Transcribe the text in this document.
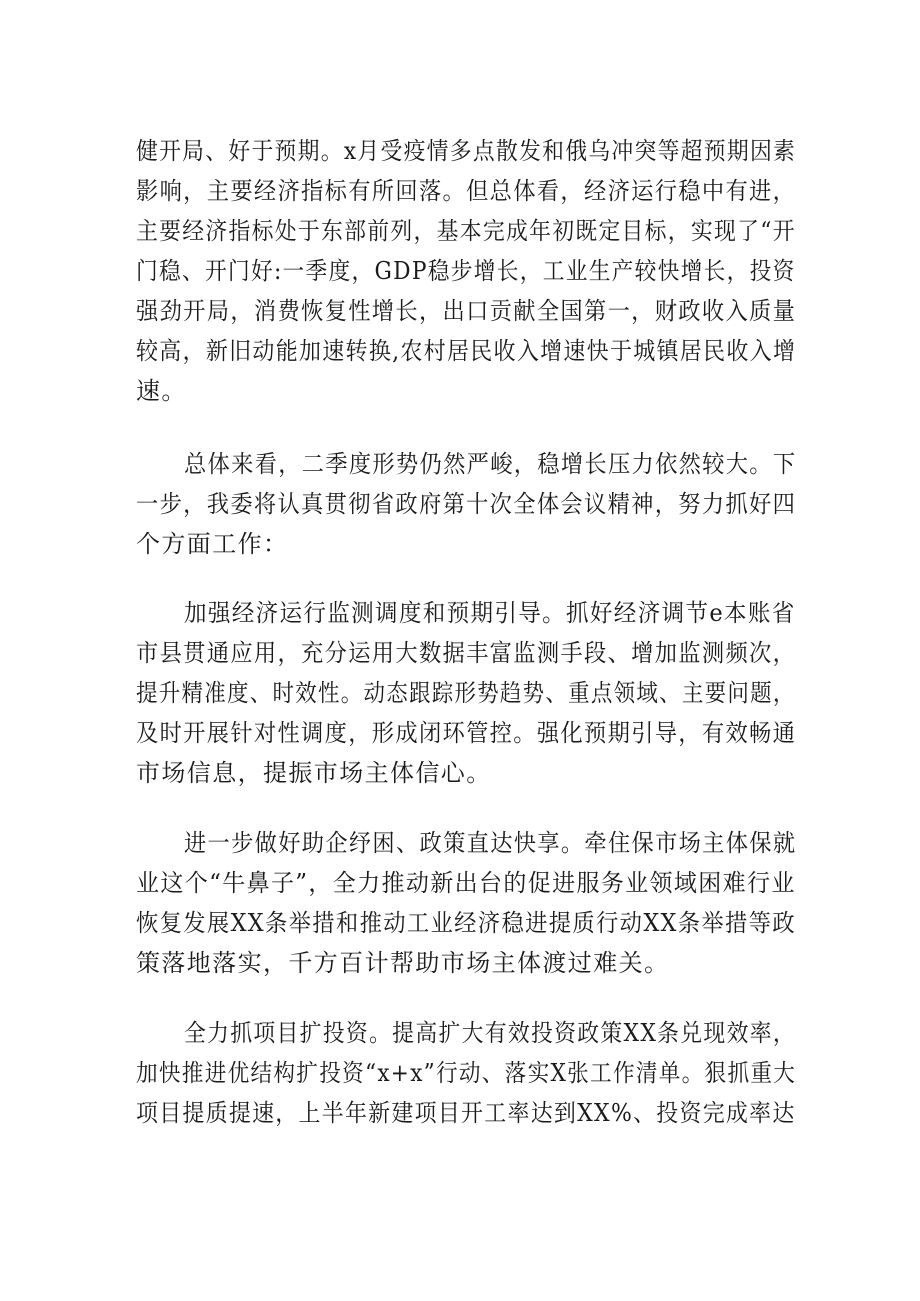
健开局、好于预期。x月受疫情多点散发和俄乌冲突等超预期因素
影响，主要经济指标有所回落。但总体看，经济运行稳中有进，
主要经济指标处于东部前列，基本完成年初既定目标，实现了“开
门稳、开门好:一季度，GDP稳步增长，工业生产较快增长，投资
强劲开局，消费恢复性增长，出口贡献全国第一，财政收入质量
较高，新旧动能加速转换,农村居民收入增速快于城镇居民收入增
速。
总体来看，二季度形势仍然严峻，稳增长压力依然较大。下
一步，我委将认真贯彻省政府第十次全体会议精神，努力抓好四
个方面工作：
加强经济运行监测调度和预期引导。抓好经济调节e本账省
市县贯通应用，充分运用大数据丰富监测手段、增加监测频次，
提升精准度、时效性。动态跟踪形势趋势、重点领域、主要问题，
及时开展针对性调度，形成闭环管控。强化预期引导，有效畅通
市场信息，提振市场主体信心。
进一步做好助企纾困、政策直达快享。牵住保市场主体保就
业这个“牛鼻子”，全力推动新出台的促进服务业领域困难行业
恢复发展XX条举措和推动工业经济稳进提质行动XX条举措等政
策落地落实，千方百计帮助市场主体渡过难关。
全力抓项目扩投资。提高扩大有效投资政策XX条兑现效率，
加快推进优结构扩投资“x+x”行动、落实X张工作清单。狠抓重大
项目提质提速，上半年新建项目开工率达到XX%、投资完成率达
